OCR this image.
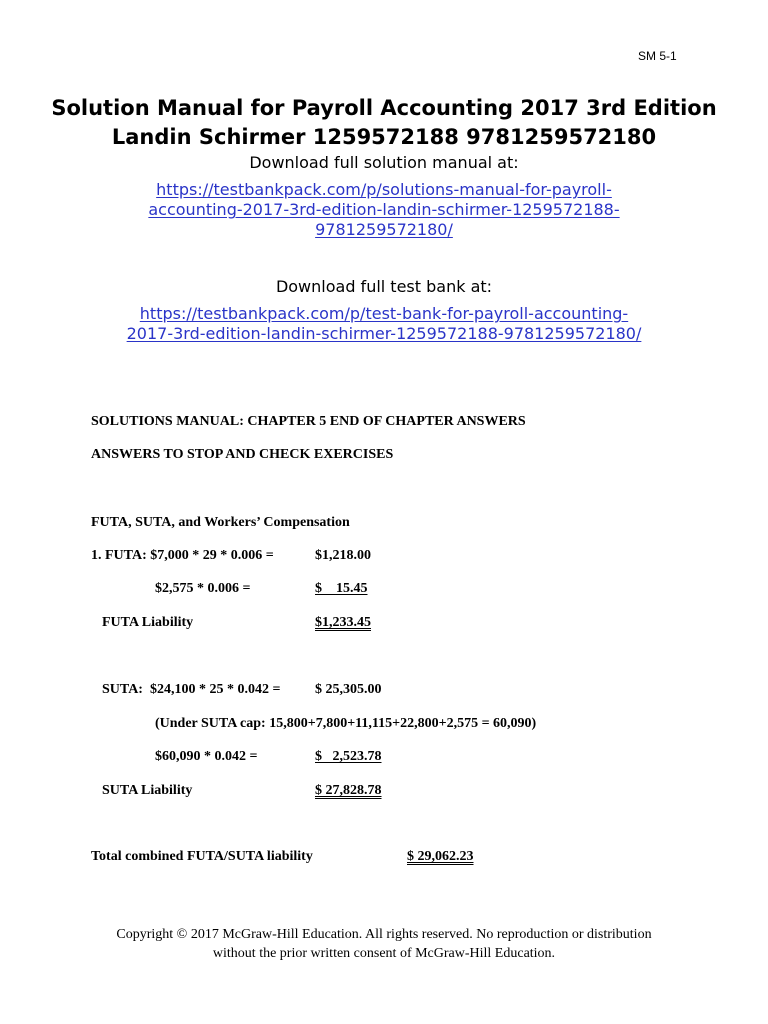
SM 5-1
Solution Manual for Payroll Accounting 2017 3rd Edition Landin Schirmer 1259572188 9781259572180
Download full solution manual at:
https://testbankpack.com/p/solutions-manual-for-payroll-
accounting-2017-3rd-edition-landin-schirmer-1259572188-
9781259572180/
Download full test bank at:
https://testbankpack.com/p/test-bank-for-payroll-accounting-
2017-3rd-edition-landin-schirmer-1259572188-9781259572180/
SOLUTIONS MANUAL: CHAPTER 5 END OF CHAPTER ANSWERS
ANSWERS TO STOP AND CHECK EXERCISES
FUTA, SUTA, and Workers’ Compensation
1. FUTA: $7,000 * 29 * 0.006 =	$1,218.00
$2,575 * 0.006 =	$    15.45
FUTA Liability	$1,233.45
SUTA:  $24,100 * 25 * 0.042 = $ 25,305.00
(Under SUTA cap: 15,800+7,800+11,115+22,800+2,575 = 60,090)
$60,090 * 0.042 =	$   2,523.78
SUTA Liability	$ 27,828.78
Total combined FUTA/SUTA liability	$ 29,062.23
Copyright © 2017 McGraw-Hill Education. All rights reserved. No reproduction or distribution
without the prior written consent of McGraw-Hill Education.
